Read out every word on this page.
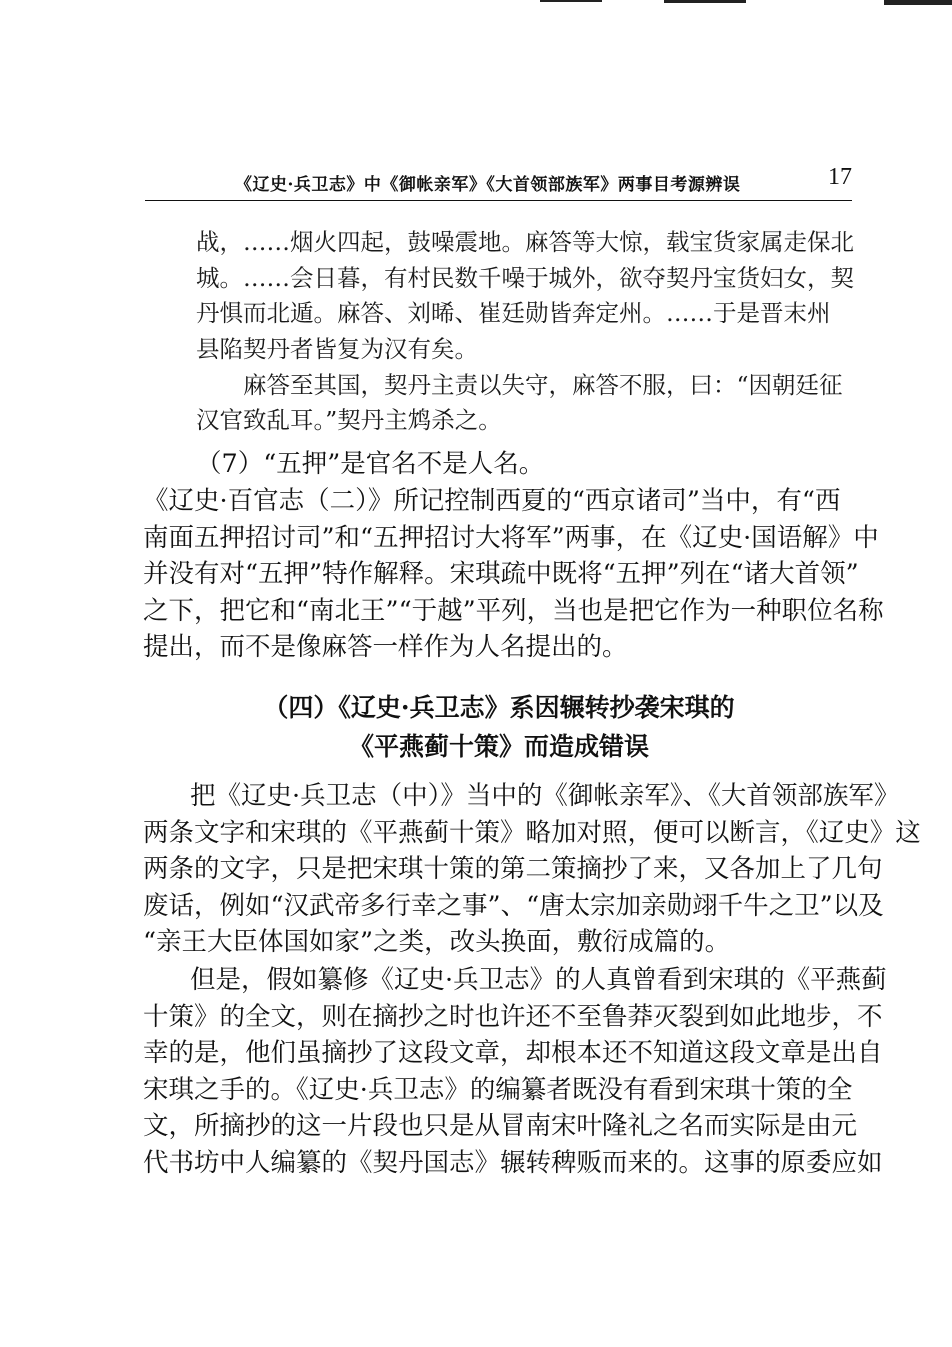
《辽史·兵卫志》中《御帐亲军》《大首领部族军》两事目考源辨误	17
战，……烟火四起，鼓噪震地。麻答等大惊，载宝货家属走保北
城。……会日暮，有村民数千噪于城外，欲夺契丹宝货妇女，契
丹惧而北遁。麻答、刘晞、崔廷勋皆奔定州。……于是晋末州
县陷契丹者皆复为汉有矣。
麻答至其国，契丹主责以失守，麻答不服，曰：“因朝廷征
汉官致乱耳。”契丹主鸩杀之。
（7）“五押”是官名不是人名。
《辽史·百官志（二）》所记控制西夏的“西京诸司”当中，有“西
南面五押招讨司”和“五押招讨大将军”两事，在《辽史·国语解》中
并没有对“五押”特作解释。宋琪疏中既将“五押”列在“诸大首领”
之下，把它和“南北王”“于越”平列，当也是把它作为一种职位名称
提出，而不是像麻答一样作为人名提出的。
（四）《辽史·兵卫志》系因辗转抄袭宋琪的
《平燕蓟十策》而造成错误
把《辽史·兵卫志（中）》当中的《御帐亲军》、《大首领部族军》
两条文字和宋琪的《平燕蓟十策》略加对照，便可以断言，《辽史》这
两条的文字，只是把宋琪十策的第二策摘抄了来，又各加上了几句
废话，例如“汉武帝多行幸之事”、“唐太宗加亲勋翊千牛之卫”以及
“亲王大臣体国如家”之类，改头换面，敷衍成篇的。
但是，假如纂修《辽史·兵卫志》的人真曾看到宋琪的《平燕蓟
十策》的全文，则在摘抄之时也许还不至鲁莽灭裂到如此地步，不
幸的是，他们虽摘抄了这段文章，却根本还不知道这段文章是出自
宋琪之手的。《辽史·兵卫志》的编纂者既没有看到宋琪十策的全
文，所摘抄的这一片段也只是从冒南宋叶隆礼之名而实际是由元
代书坊中人编纂的《契丹国志》辗转稗贩而来的。这事的原委应如
